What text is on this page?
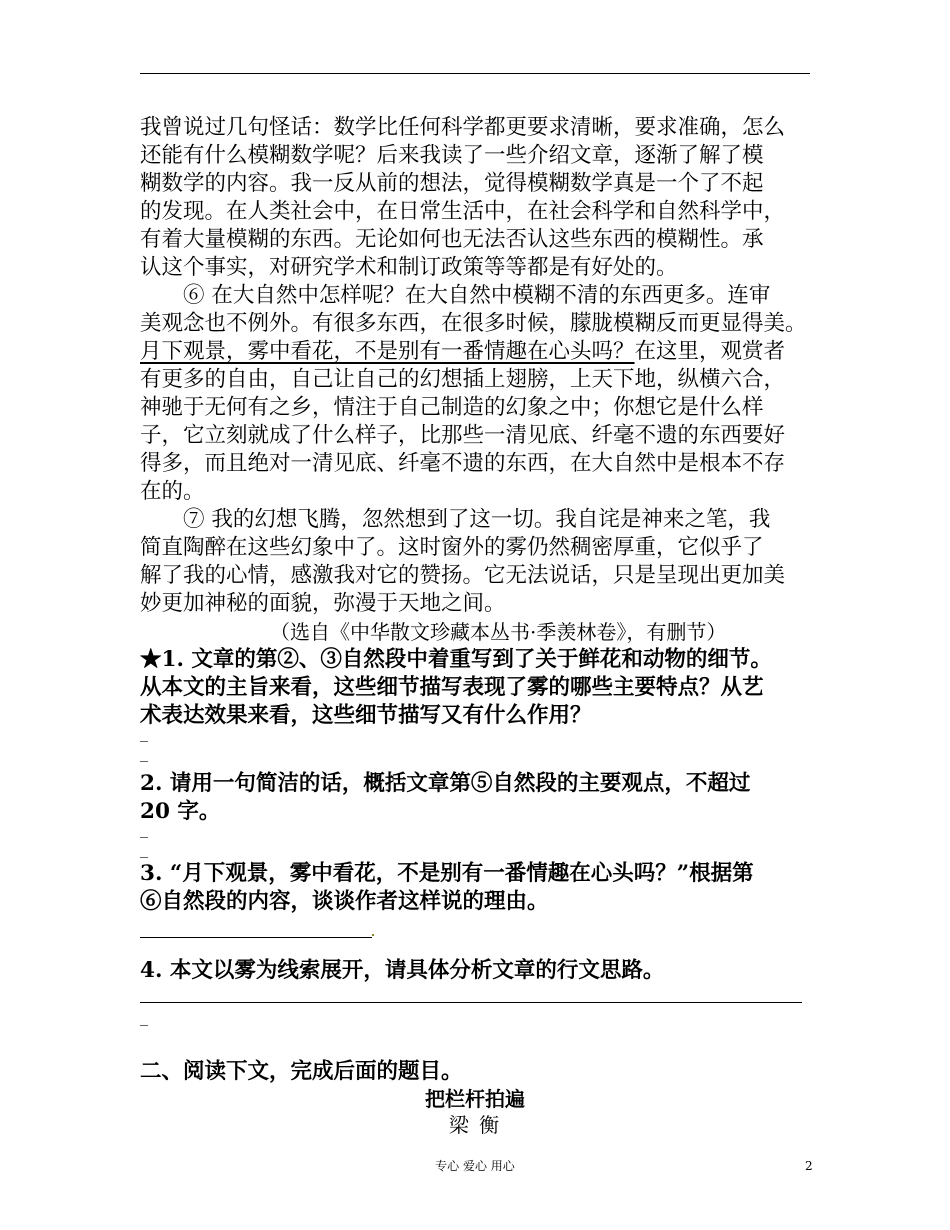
我曾说过几句怪话：数学比任何科学都更要求清晰，要求准确，怎么
还能有什么模糊数学呢？后来我读了一些介绍文章，逐渐了解了模
糊数学的内容。我一反从前的想法，觉得模糊数学真是一个了不起
的发现。在人类社会中，在日常生活中，在社会科学和自然科学中，
有着大量模糊的东西。无论如何也无法否认这些东西的模糊性。承
认这个事实，对研究学术和制订政策等等都是有好处的。
⑥ 在大自然中怎样呢？在大自然中模糊不清的东西更多。连审
美观念也不例外。有很多东西，在很多时候，朦胧模糊反而更显得美。
月下观景，雾中看花，不是别有一番情趣在心头吗？在这里，观赏者
有更多的自由，自己让自己的幻想插上翅膀，上天下地，纵横六合，
神驰于无何有之乡，情注于自己制造的幻象之中；你想它是什么样
子，它立刻就成了什么样子，比那些一清见底、纤毫不遗的东西要好
得多，而且绝对一清见底、纤毫不遗的东西，在大自然中是根本不存
在的。
⑦ 我的幻想飞腾，忽然想到了这一切。我自诧是神来之笔，我
简直陶醉在这些幻象中了。这时窗外的雾仍然稠密厚重，它似乎了
解了我的心情，感激我对它的赞扬。它无法说话，只是呈现出更加美
妙更加神秘的面貌，弥漫于天地之间。
（选自《中华散文珍藏本丛书·季羡林卷》，有删节）
★1. 文章的第②、③自然段中着重写到了关于鲜花和动物的细节。
从本文的主旨来看，这些细节描写表现了雾的哪些主要特点？从艺
术表达效果来看，这些细节描写又有什么作用？
_
_
2. 请用一句简洁的话，概括文章第⑤自然段的主要观点，不超过
20 字。
_
_
3. “月下观景，雾中看花，不是别有一番情趣在心头吗？”根据第
⑥自然段的内容，谈谈作者这样说的理由。
4. 本文以雾为线索展开，请具体分析文章的行文思路。
_
二、阅读下文，完成后面的题目。
把栏杆拍遍
梁 衡
专心 爱心 用心	2
